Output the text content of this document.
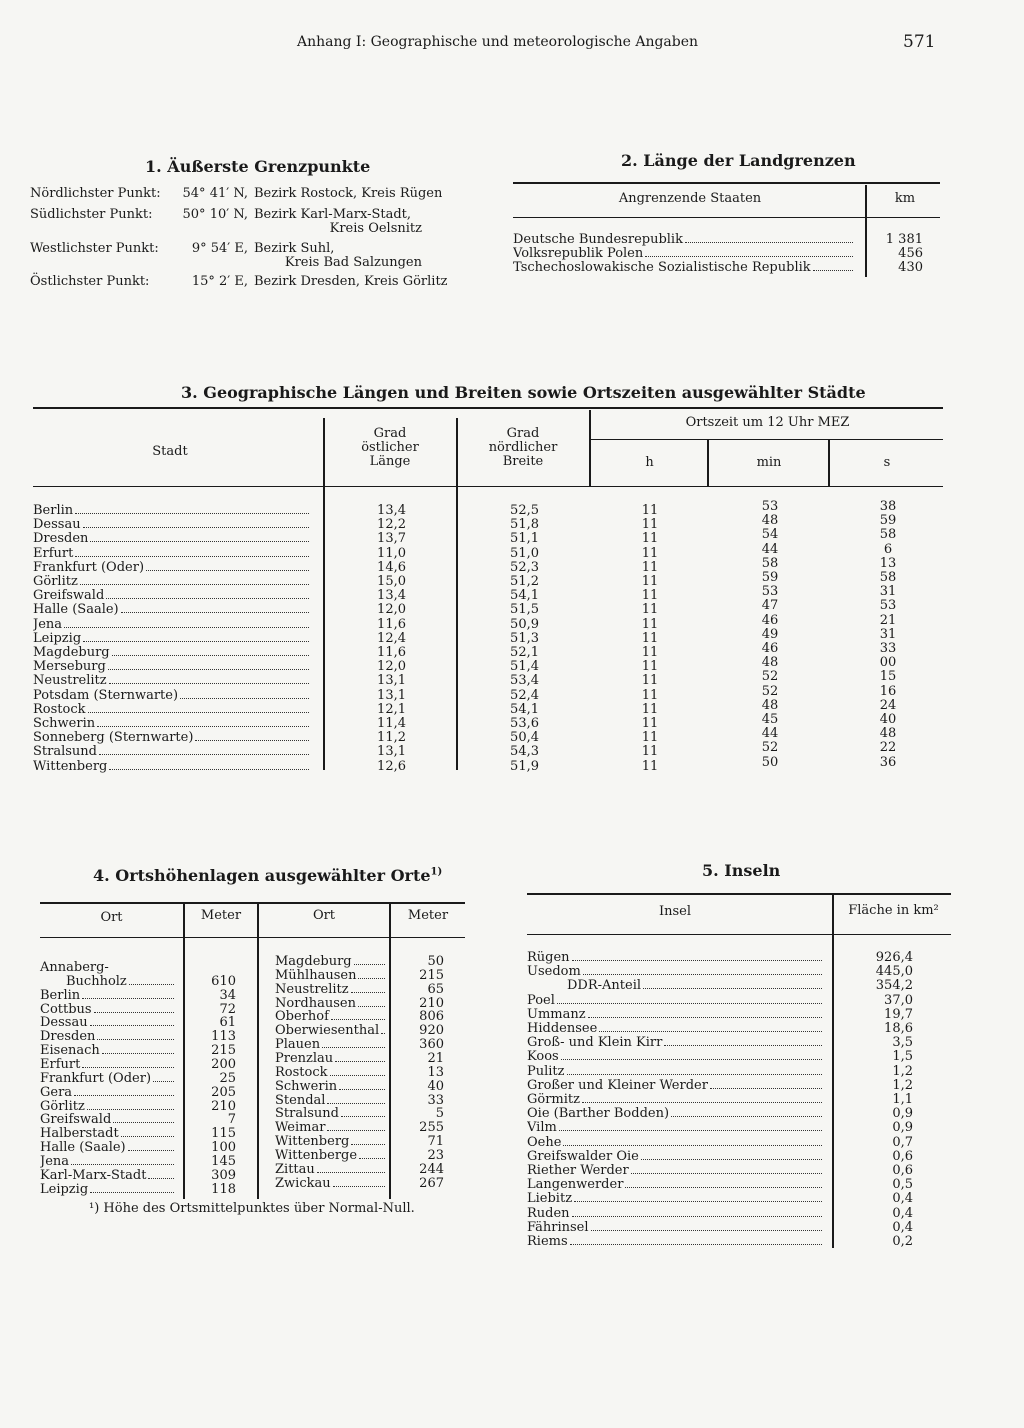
Anhang I: Geographische und meteorologische Angaben	571
1. Äußerste Grenzpunkte
Nördlichster Punkt:	54° 41′ N, Bezirk Rostock, Kreis Rügen
Südlichster Punkt:	50° 10′ N, Bezirk Karl-Marx-Stadt,
Kreis Oelsnitz
Westlichster Punkt:	9° 54′ E, Bezirk Suhl,
Kreis Bad Salzungen
Östlichster Punkt:	15° 2′ E, Bezirk Dresden, Kreis Görlitz
2. Länge der Landgrenzen
Angrenzende Staaten	km
Deutsche Bundesrepublik	1 381
Volksrepublik Polen	456
Tschechoslowakische Sozialistische Republik	430
3. Geographische Längen und Breiten sowie Ortszeiten ausgewählter Städte
Stadt
Grad
östlicher
Länge
Grad
nördlicher
Breite
Ortszeit um 12 Uhr MEZ
h	min	s
Berlin	13,4	52,5	11	53	38
Dessau	12,2	51,8	11	48	59
Dresden	13,7	51,1	11	54	58
Erfurt	11,0	51,0	11	44	6
Frankfurt (Oder)	14,6	52,3	11	58	13
Görlitz	15,0	51,2	11	59	58
Greifswald	13,4	54,1	11	53	31
Halle (Saale)	12,0	51,5	11	47	53
Jena	11,6	50,9	11	46	21
Leipzig	12,4	51,3	11	49	31
Magdeburg	11,6	52,1	11	46	33
Merseburg	12,0	51,4	11	48	00
Neustrelitz	13,1	53,4	11	52	15
Potsdam (Sternwarte)	13,1	52,4	11	52	16
Rostock	12,1	54,1	11	48	24
Schwerin	11,4	53,6	11	45	40
Sonneberg (Sternwarte)	11,2	50,4	11	44	48
Stralsund	13,1	54,3	11	52	22
Wittenberg	12,6	51,9	11	50	36
4. Ortshöhenlagen ausgewählter Orte$^{1)}$
Ort	Meter	Ort	Meter
Annaberg-
Buchholz	610
Berlin	34
Cottbus	72
Dessau	61
Dresden	113
Eisenach	215
Erfurt	200
Frankfurt (Oder)	25
Gera	205
Görlitz	210
Greifswald	7
Halberstadt	115
Halle (Saale)	100
Jena	145
Karl-Marx-Stadt	309
Leipzig	118
Magdeburg	50
Mühlhausen	215
Neustrelitz	65
Nordhausen	210
Oberhof	806
Oberwiesenthal	920
Plauen	360
Prenzlau	21
Rostock	13
Schwerin	40
Stendal	33
Stralsund	5
Weimar	255
Wittenberg	71
Wittenberge	23
Zittau	244
Zwickau	267
¹) Höhe des Ortsmittelpunktes über Normal-Null.
5. Inseln
Insel	Fläche in km²
Rügen	926,4
Usedom	445,0
DDR-Anteil	354,2
Poel	37,0
Ummanz	19,7
Hiddensee	18,6
Groß- und Klein Kirr	3,5
Koos	1,5
Pulitz	1,2
Großer und Kleiner Werder	1,2
Görmitz	1,1
Oie (Barther Bodden)	0,9
Vilm	0,9
Oehe	0,7
Greifswalder Oie	0,6
Riether Werder	0,6
Langenwerder	0,5
Liebitz	0,4
Ruden	0,4
Fährinsel	0,4
Riems	0,2
